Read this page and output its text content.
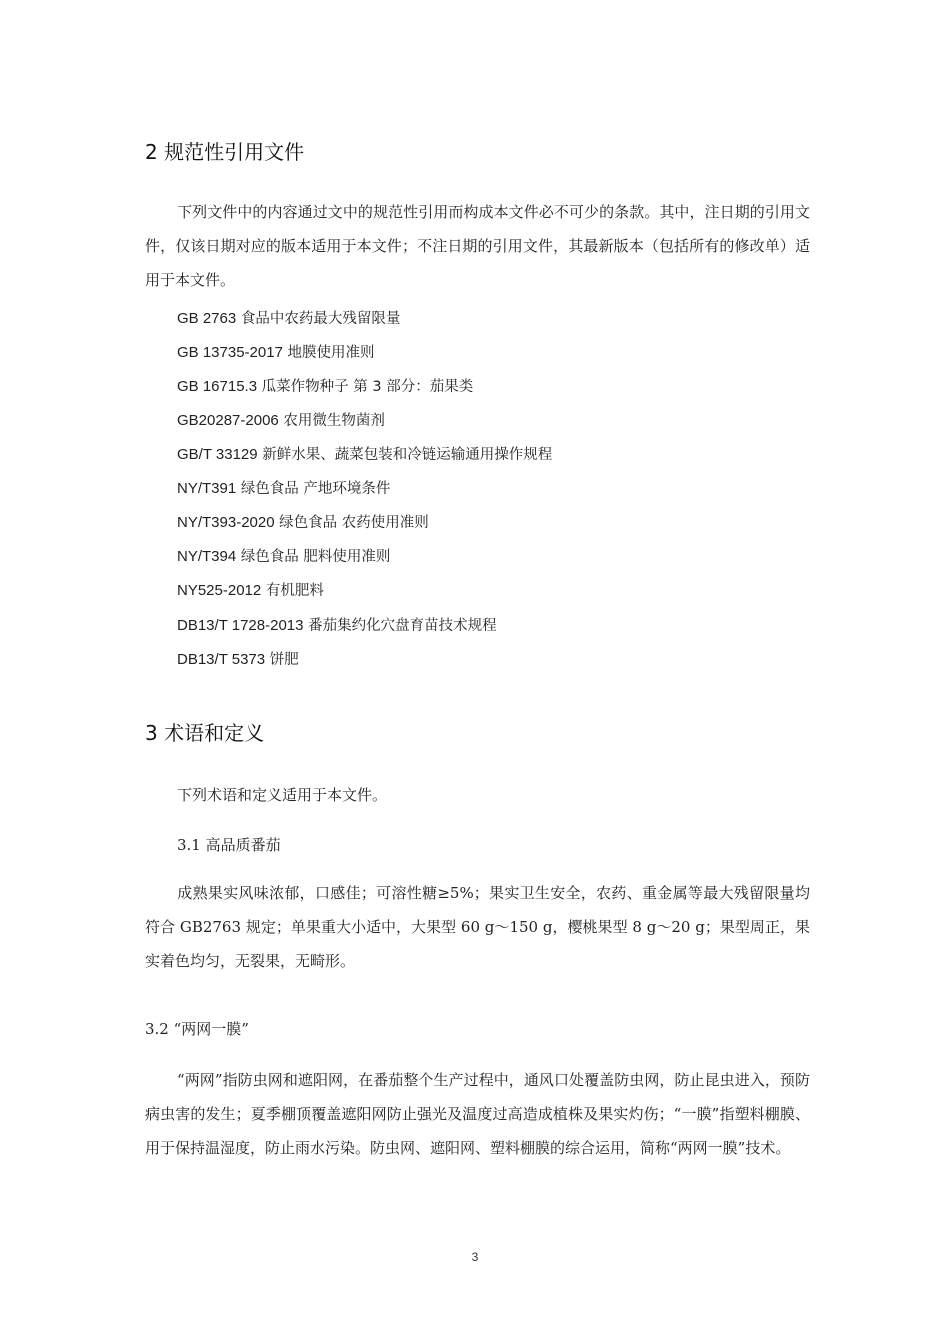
2 规范性引用文件
下列文件中的内容通过文中的规范性引用而构成本文件必不可少的条款。其中，注日期的引用文件，仅该日期对应的版本适用于本文件；不注日期的引用文件，其最新版本（包括所有的修改单）适用于本文件。
GB 2763 食品中农药最大残留限量
GB 13735-2017 地膜使用准则
GB 16715.3 瓜菜作物种子 第 3 部分：茄果类
GB20287-2006 农用微生物菌剂
GB/T 33129 新鲜水果、蔬菜包装和冷链运输通用操作规程
NY/T391 绿色食品 产地环境条件
NY/T393-2020 绿色食品 农药使用准则
NY/T394 绿色食品 肥料使用准则
NY525-2012 有机肥料
DB13/T 1728-2013 番茄集约化穴盘育苗技术规程
DB13/T 5373 饼肥
3 术语和定义
下列术语和定义适用于本文件。
3.1 高品质番茄
成熟果实风味浓郁，口感佳；可溶性糖≥5%；果实卫生安全，农药、重金属等最大残留限量均符合 GB2763 规定；单果重大小适中，大果型 60 g～150 g，樱桃果型 8 g～20 g；果型周正，果实着色均匀，无裂果，无畸形。
3.2 “两网一膜”
“两网”指防虫网和遮阳网，在番茄整个生产过程中，通风口处覆盖防虫网，防止昆虫进入，预防病虫害的发生；夏季棚顶覆盖遮阳网防止强光及温度过高造成植株及果实灼伤；“一膜”指塑料棚膜、用于保持温湿度，防止雨水污染。防虫网、遮阳网、塑料棚膜的综合运用，简称“两网一膜”技术。
3
